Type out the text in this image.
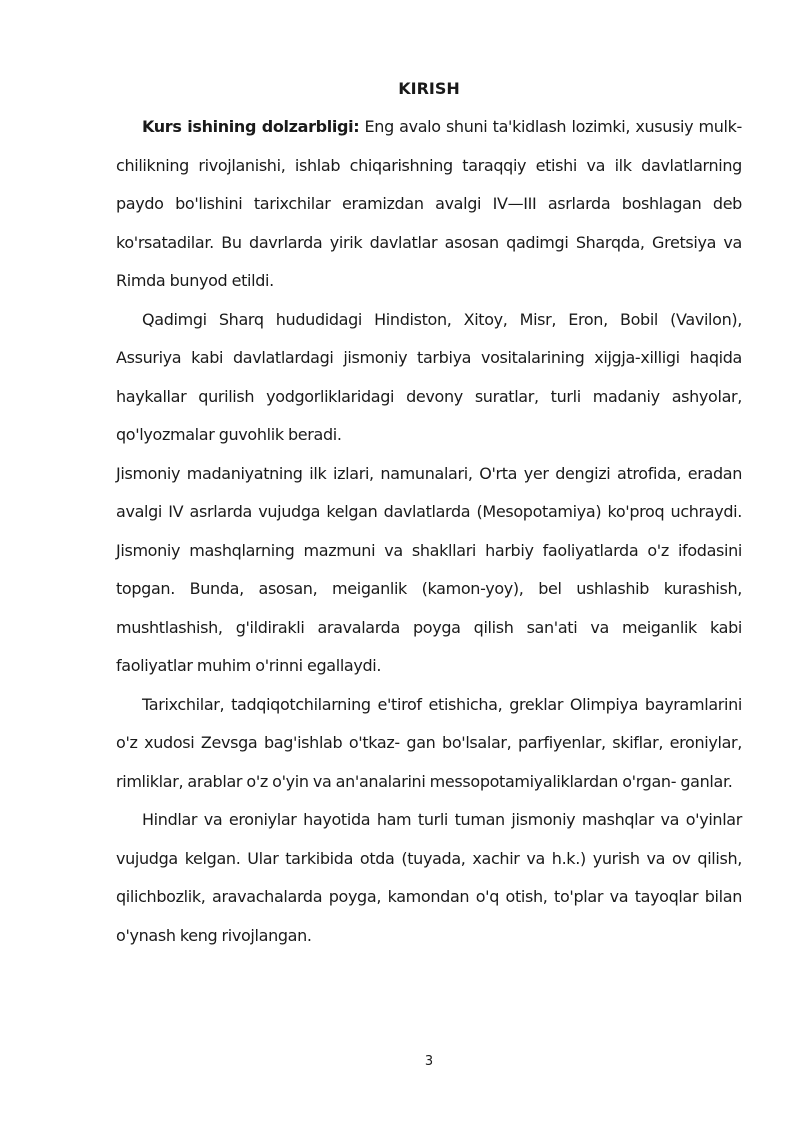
KIRISH

Kurs ishining dolzarbligi: Eng avalo shuni ta'kidlash lozimki, xususiy mulk- chilikning rivojlanishi, ishlab chiqarishning taraqqiy etishi va ilk davlatlarning paydo bo'lishini tarixchilar eramizdan avalgi IV—III asrlarda boshlagan deb ko'rsatadilar. Bu davrlarda yirik davlatlar asosan qadimgi Sharqda, Gretsiya va Rimda bunyod etildi.

Qadimgi Sharq hududidagi Hindiston, Xitoy, Misr, Eron, Bobil (Vavilon), Assuriya kabi davlatlardagi jismoniy tarbiya vositalarining xijgja-xilligi haqida haykallar qurilish yodgorliklaridagi devony suratlar, turli madaniy ashyolar, qo'lyozmalar guvohlik beradi.

Jismoniy madaniyatning ilk izlari, namunalari, O'rta yer dengizi atrofida, eradan avalgi IV asrlarda vujudga kelgan davlatlarda (Mesopotamiya) ko'proq uchraydi. Jismoniy mashqlarning mazmuni va shakllari harbiy faoliyatlarda o'z ifodasini topgan. Bunda, asosan, meiganlik (kamon-yoy), bel ushlashib kurashish, mushtlashish, g'ildirakli aravalarda poyga qilish san'ati va meiganlik kabi faoliyatlar muhim o'rinni egallaydi.

Tarixchilar, tadqiqotchilarning e'tirof etishicha, greklar Olimpiya bayramlarini o'z xudosi Zevsga bag'ishlab o'tkaz- gan bo'lsalar, parfiyenlar, skiflar, eroniylar, rimliklar, arablar o'z o'yin va an'analarini messopotamiyaliklardan o'rgan- ganlar.

Hindlar va eroniylar hayotida ham turli tuman jismoniy mashqlar va o'yinlar vujudga kelgan. Ular tarkibida otda (tuyada, xachir va h.k.) yurish va ov qilish, qilichbozlik, aravachalarda poyga, kamondan o'q otish, to'plar va tayoqlar bilan o'ynash keng rivojlangan.

3
